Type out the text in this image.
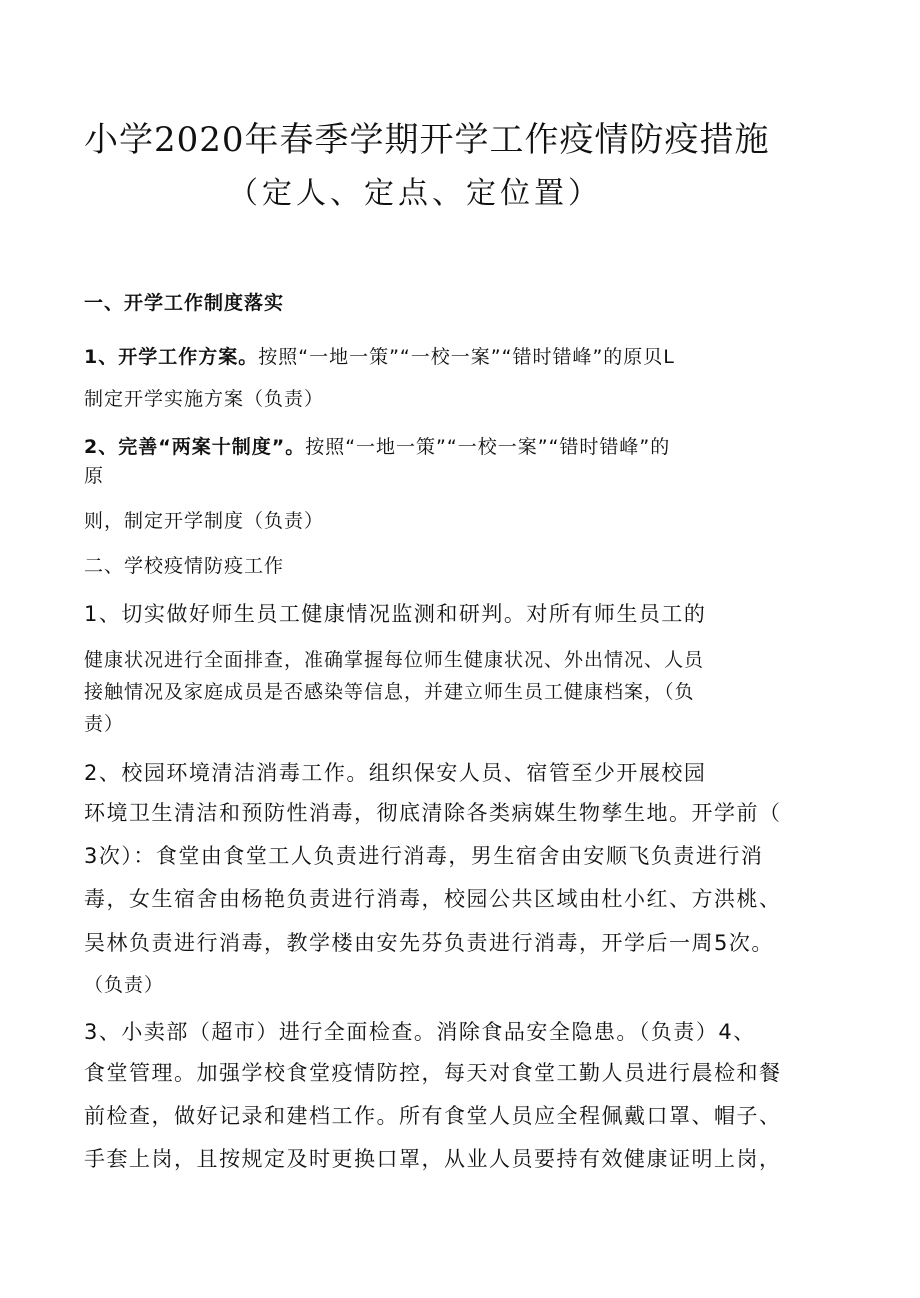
小学2020年春季学期开学工作疫情防疫措施
（定人、定点、定位置）
一、开学工作制度落实
1、开学工作方案。按照“一地一策”“一校一案”“错时错峰”的原贝L
制定开学实施方案（负责）
2、完善“两案十制度”。按照“一地一策”“一校一案”“错时错峰”的
原
则，制定开学制度（负责）
二、学校疫情防疫工作
1、切实做好师生员工健康情况监测和研判。对所有师生员工的
健康状况进行全面排查，准确掌握每位师生健康状况、外出情况、人员
接触情况及家庭成员是否感染等信息，并建立师生员工健康档案，（负
责）
2、校园环境清洁消毒工作。组织保安人员、宿管至少开展校园
环境卫生清洁和预防性消毒，彻底清除各类病媒生物孳生地。开学前（
3次）：食堂由食堂工人负责进行消毒，男生宿舍由安顺飞负责进行消
毒，女生宿舍由杨艳负责进行消毒，校园公共区域由杜小红、方洪桃、
吴林负责进行消毒，教学楼由安先芬负责进行消毒，开学后一周5次。
（负责）
3、小卖部（超市）进行全面检查。消除食品安全隐患。（负责）4、
食堂管理。加强学校食堂疫情防控，每天对食堂工勤人员进行晨检和餐
前检查，做好记录和建档工作。所有食堂人员应全程佩戴口罩、帽子、
手套上岗，且按规定及时更换口罩，从业人员要持有效健康证明上岗，
